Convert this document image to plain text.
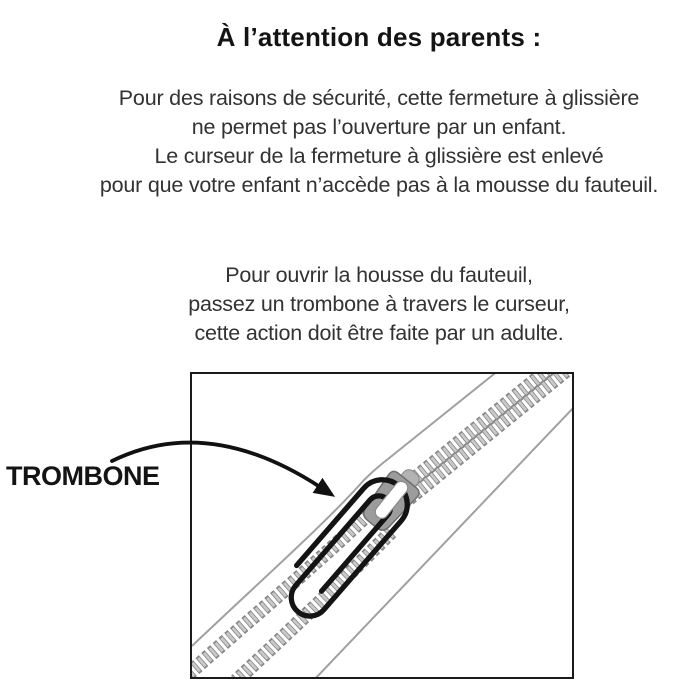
À l’attention des parents :
Pour des raisons de sécurité, cette fermeture à glissière
ne permet pas l’ouverture par un enfant.
Le curseur de la fermeture à glissière est enlevé
pour que votre enfant n’accède pas à la mousse du fauteuil.
Pour ouvrir la housse du fauteuil,
passez un trombone à travers le curseur,
cette action doit être faite par un adulte.

TROMBONE
